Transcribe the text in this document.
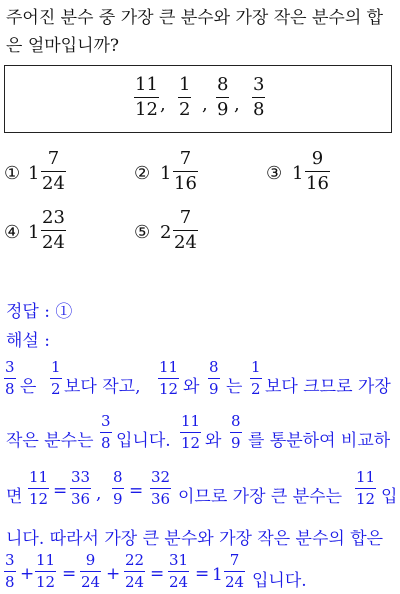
주어진 분수 중 가장 큰 분수와 가장 작은 분수의 합
은 얼마입니까?
11
12 ,
1
2 ,
8
9 ,
3
8
① 1
7
24	② 1
7
16	③ 1
9
16
④ 1
23
24	⑤ 2
7
24
정답 : ①
해설 :
3
8 은
1
2 보다 작고,
11
12 와
8
9 는
1
2 보다 크므로 가장
작은 분수는
3
8 입니다.
11
12 와
8
9 를 통분하여 비교하
면
11
12 =
33
36 ,
8
9 =
32
36 이므로 가장 큰 분수는
11
12 입
니다. 따라서 가장 큰 분수와 가장 작은 분수의 합은
3
8 +
11
12 =
9
24 +
22
24 =
31
24 = 1
7
24 입니다.
